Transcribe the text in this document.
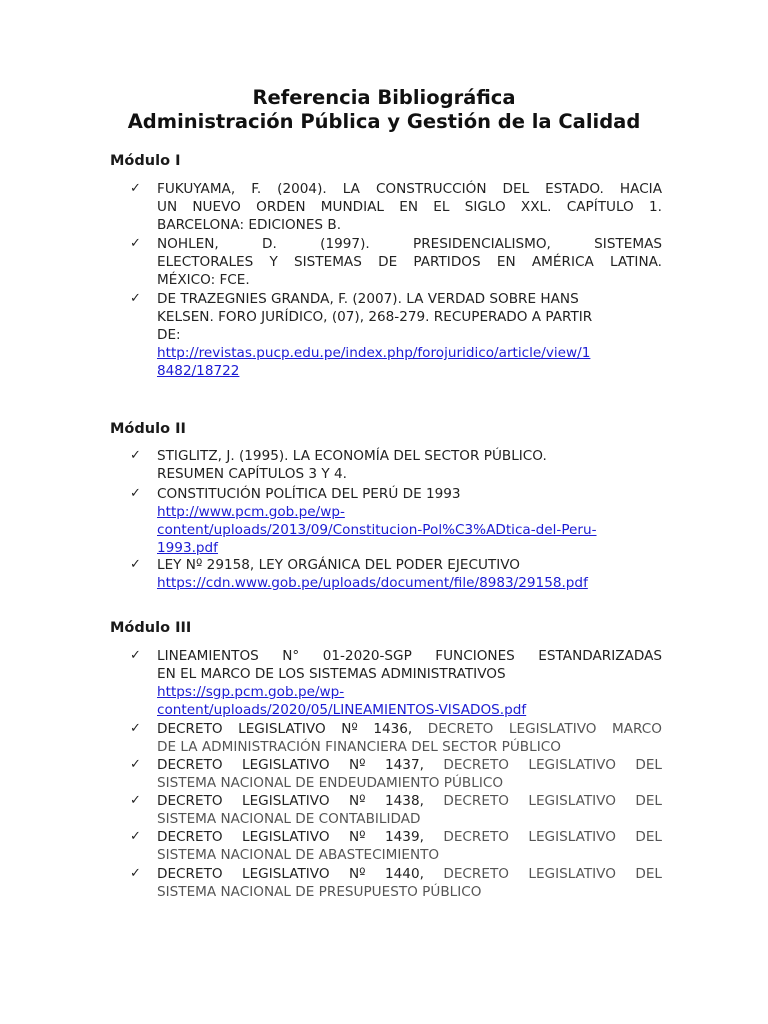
Referencia Bibliográfica
Administración Pública y Gestión de la Calidad
Módulo I
✓	FUKUYAMA, F. (2004). LA CONSTRUCCIÓN DEL ESTADO. HACIA
UN NUEVO ORDEN MUNDIAL EN EL SIGLO XXL. CAPÍTULO 1.
BARCELONA: EDICIONES B.
✓	NOHLEN, D. (1997). PRESIDENCIALISMO, SISTEMAS
ELECTORALES Y SISTEMAS DE PARTIDOS EN AMÉRICA LATINA.
MÉXICO: FCE.
✓	DE TRAZEGNIES GRANDA, F. (2007). LA VERDAD SOBRE HANS
KELSEN. FORO JURÍDICO, (07), 268-279. RECUPERADO A PARTIR
DE:
http://revistas.pucp.edu.pe/index.php/forojuridico/article/view/1
8482/18722
Módulo II
✓	STIGLITZ, J. (1995). LA ECONOMÍA DEL SECTOR PÚBLICO.
RESUMEN CAPÍTULOS 3 Y 4.
✓	CONSTITUCIÓN POLÍTICA DEL PERÚ DE 1993
http://www.pcm.gob.pe/wp-
content/uploads/2013/09/Constitucion-Pol%C3%ADtica-del-Peru-
1993.pdf
✓	LEY Nº 29158, LEY ORGÁNICA DEL PODER EJECUTIVO
https://cdn.www.gob.pe/uploads/document/file/8983/29158.pdf
Módulo III
✓	LINEAMIENTOS N° 01-2020-SGP FUNCIONES ESTANDARIZADAS
EN EL MARCO DE LOS SISTEMAS ADMINISTRATIVOS
https://sgp.pcm.gob.pe/wp-
content/uploads/2020/05/LINEAMIENTOS-VISADOS.pdf
✓	DECRETO LEGISLATIVO Nº 1436, DECRETO LEGISLATIVO MARCO
DE LA ADMINISTRACIÓN FINANCIERA DEL SECTOR PÚBLICO
✓	DECRETO LEGISLATIVO Nº 1437, DECRETO LEGISLATIVO DEL
SISTEMA NACIONAL DE ENDEUDAMIENTO PÚBLICO
✓	DECRETO LEGISLATIVO Nº 1438, DECRETO LEGISLATIVO DEL
SISTEMA NACIONAL DE CONTABILIDAD
✓	DECRETO LEGISLATIVO Nº 1439, DECRETO LEGISLATIVO DEL
SISTEMA NACIONAL DE ABASTECIMIENTO
✓	DECRETO LEGISLATIVO Nº 1440, DECRETO LEGISLATIVO DEL
SISTEMA NACIONAL DE PRESUPUESTO PÚBLICO
